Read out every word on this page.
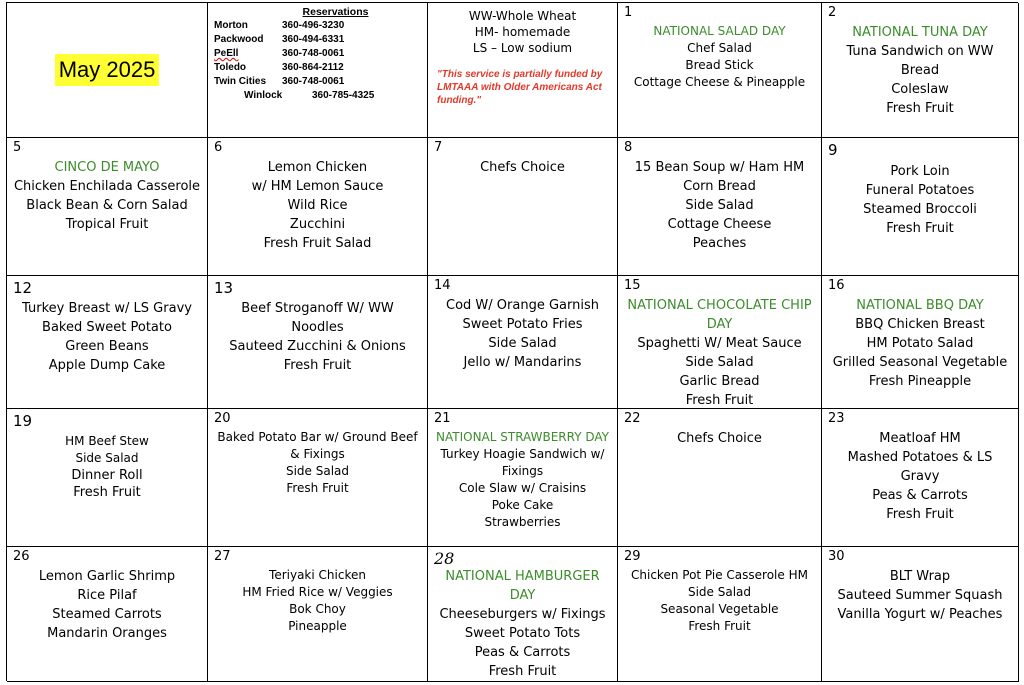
May 2025
Reservations
Morton	360-496-3230
Packwood	360-494-6331
PeEll	360-748-0061
Toledo	360-864-2112
Twin Cities	360-748-0061
Winlock	360-785-4325
WW-Whole Wheat
HM- homemade
LS – Low sodium
"This service is partially funded by LMTAAA with Older Americans Act funding."
1
NATIONAL SALAD DAY
Chef Salad
Bread Stick
Cottage Cheese & Pineapple
2
NATIONAL TUNA DAY
Tuna Sandwich on WW
Bread
Coleslaw
Fresh Fruit
5
CINCO DE MAYO
Chicken Enchilada Casserole
Black Bean & Corn Salad
Tropical Fruit
6
Lemon Chicken
w/ HM Lemon Sauce
Wild Rice
Zucchini
Fresh Fruit Salad
7
Chefs Choice
8
15 Bean Soup w/ Ham HM
Corn Bread
Side Salad
Cottage Cheese
Peaches
9
Pork Loin
Funeral Potatoes
Steamed Broccoli
Fresh Fruit
12
Turkey Breast w/ LS Gravy
Baked Sweet Potato
Green Beans
Apple Dump Cake
13
Beef Stroganoff W/ WW
Noodles
Sauteed Zucchini & Onions
Fresh Fruit
14
Cod W/ Orange Garnish
Sweet Potato Fries
Side Salad
Jello w/ Mandarins
15
NATIONAL CHOCOLATE CHIP DAY
Spaghetti W/ Meat Sauce
Side Salad
Garlic Bread
Fresh Fruit
16
NATIONAL BBQ DAY
BBQ Chicken Breast
HM Potato Salad
Grilled Seasonal Vegetable
Fresh Pineapple
19
HM Beef Stew
Side Salad
Dinner Roll
Fresh Fruit
20
Baked Potato Bar w/ Ground Beef
& Fixings
Side Salad
Fresh Fruit
21
NATIONAL STRAWBERRY DAY
Turkey Hoagie Sandwich w/
Fixings
Cole Slaw w/ Craisins
Poke Cake
Strawberries
22
Chefs Choice
23
Meatloaf HM
Mashed Potatoes & LS
Gravy
Peas & Carrots
Fresh Fruit
26
Lemon Garlic Shrimp
Rice Pilaf
Steamed Carrots
Mandarin Oranges
27
Teriyaki Chicken
HM Fried Rice w/ Veggies
Bok Choy
Pineapple
28
NATIONAL HAMBURGER DAY
Cheeseburgers w/ Fixings
Sweet Potato Tots
Peas & Carrots
Fresh Fruit
29
Chicken Pot Pie Casserole HM
Side Salad
Seasonal Vegetable
Fresh Fruit
30
BLT Wrap
Sauteed Summer Squash
Vanilla Yogurt w/ Peaches
